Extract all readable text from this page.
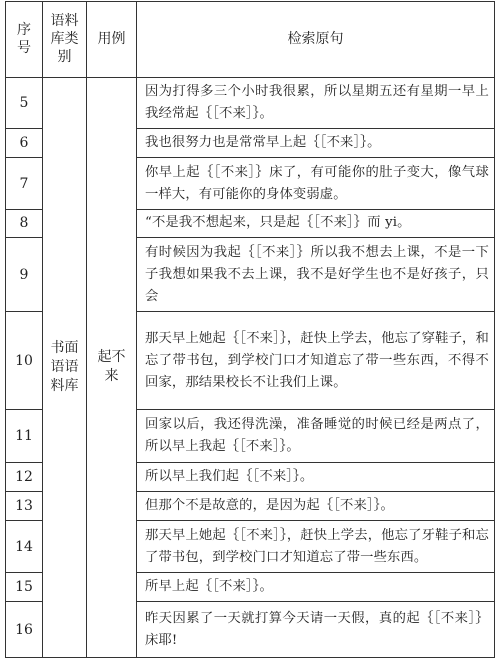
序号	语料库类别	用例	检索原句
5	书面语语料库	起不来	因为打得多三个小时我很累，所以星期五还有星期一早上我经常起｛［不来］｝。
6			我也很努力也是常常早上起｛［不来］｝。
7			你早上起｛［不来］｝床了，有可能你的肚子变大，像气球一样大，有可能你的身体变弱虚。
8			“不是我不想起来，只是起｛［不来］｝而 yi。
9			有时候因为我起｛［不来］｝所以我不想去上课，不是一下子我想如果我不去上课，我不是好学生也不是好孩子，只会
10			那天早上她起｛［不来］｝，赶快上学去，他忘了穿鞋子，和忘了带书包，到学校门口才知道忘了带一些东西，不得不回家，那结果校长不让我们上课。
11			回家以后，我还得洗澡，准备睡觉的时候已经是两点了，所以早上我起｛［不来］｝。
12			所以早上我们起｛［不来］｝。
13			但那个不是故意的，是因为起｛［不来］｝。
14			那天早上她起｛［不来］｝，赶快上学去，他忘了牙鞋子和忘了带书包，到学校门口才知道忘了带一些东西。
15			所早上起｛［不来］｝。
16			昨天因累了一天就打算今天请一天假，真的起｛［不来］｝床耶!
